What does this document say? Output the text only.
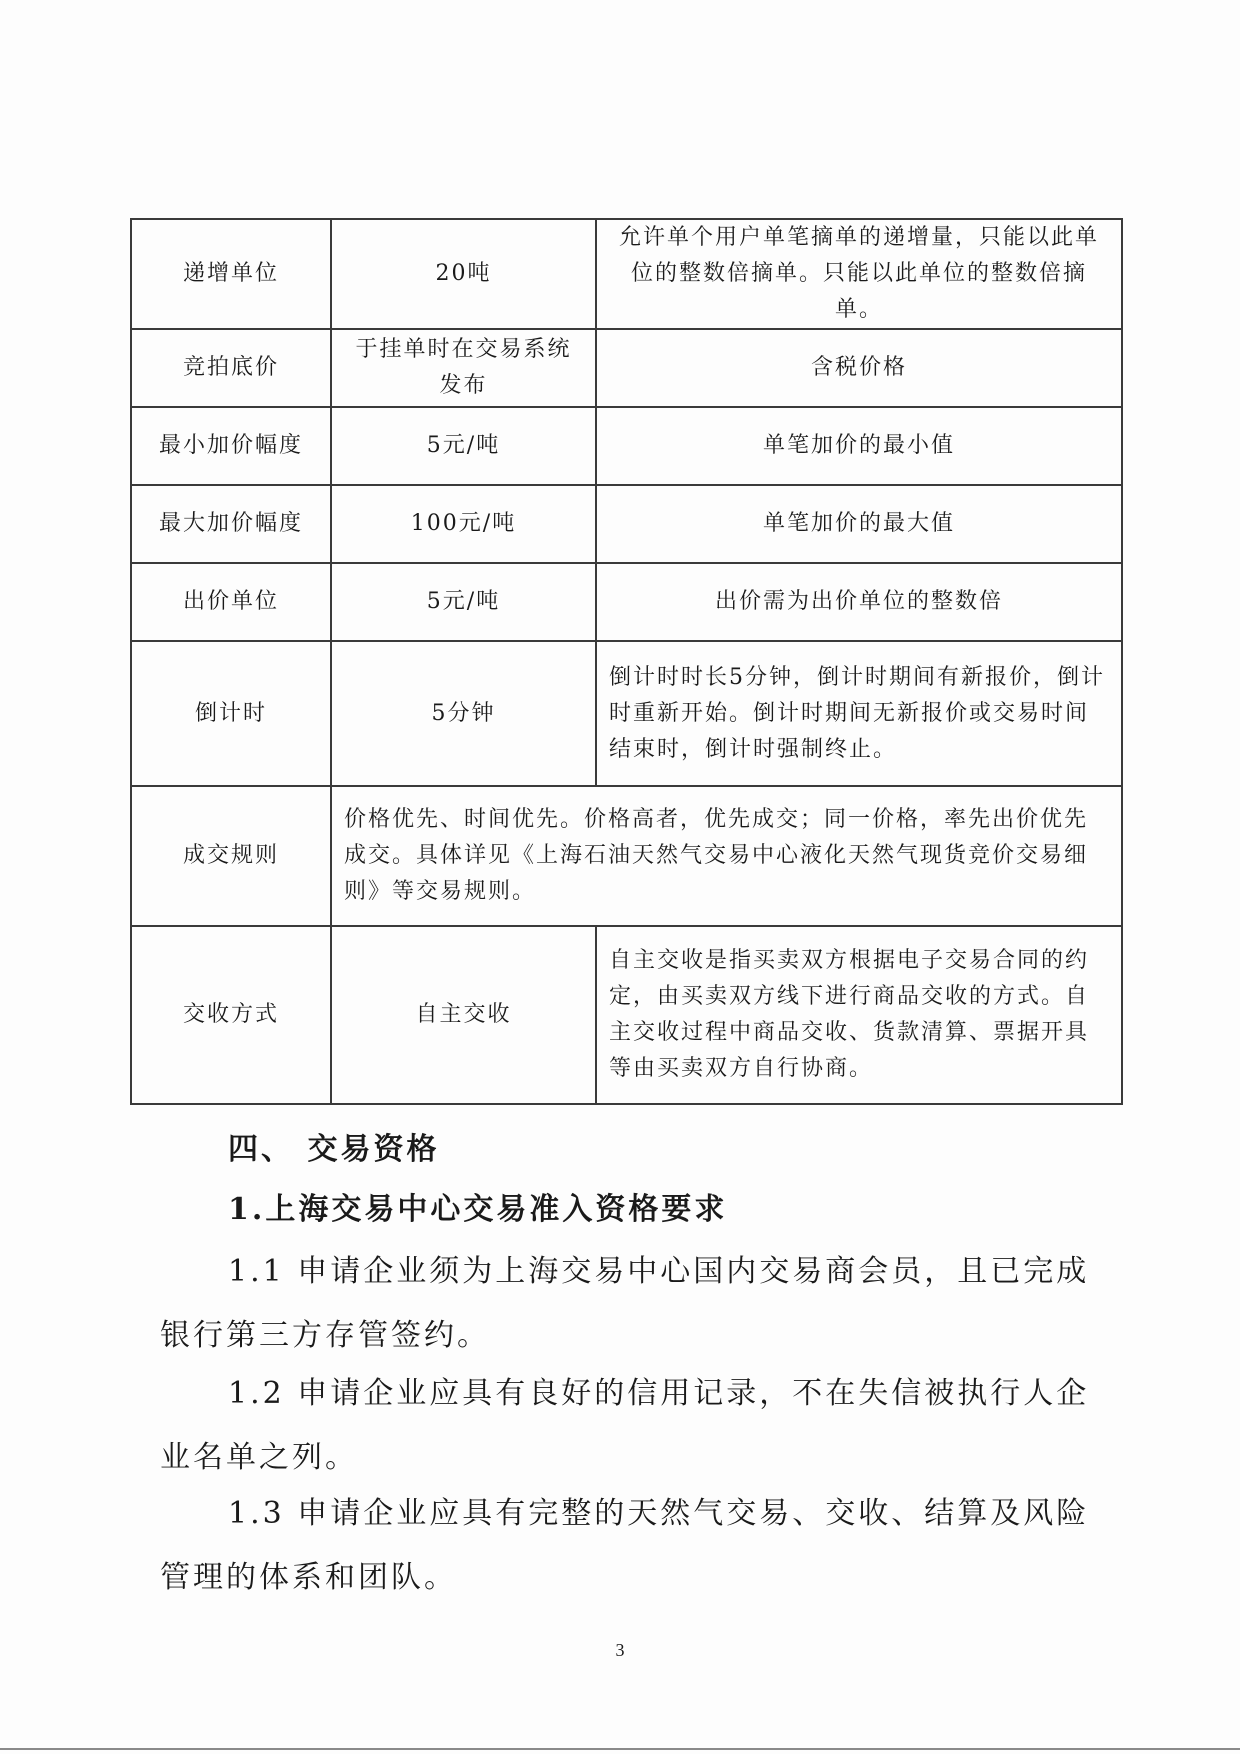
递增单位	20吨	允许单个用户单笔摘单的递增量，只能以此单位的整数倍摘单。只能以此单位的整数倍摘单。
竞拍底价	于挂单时在交易系统发布	含税价格
最小加价幅度	5元/吨	单笔加价的最小值
最大加价幅度	100元/吨	单笔加价的最大值
出价单位	5元/吨	出价需为出价单位的整数倍
倒计时	5分钟	倒计时时长5分钟，倒计时期间有新报价，倒计时重新开始。倒计时期间无新报价或交易时间结束时，倒计时强制终止。
成交规则	价格优先、时间优先。价格高者，优先成交；同一价格，率先出价优先成交。具体详见《上海石油天然气交易中心液化天然气现货竞价交易细则》等交易规则。	
交收方式	自主交收	自主交收是指买卖双方根据电子交易合同的约定，由买卖双方线下进行商品交收的方式。自主交收过程中商品交收、货款清算、票据开具等由买卖双方自行协商。
四、 交易资格
1.上海交易中心交易准入资格要求

1.1 申请企业须为上海交易中心国内交易商会员，且已完成银行第三方存管签约。

1.2 申请企业应具有良好的信用记录，不在失信被执行人企业名单之列。

1.3 申请企业应具有完整的天然气交易、交收、结算及风险管理的体系和团队。

3
